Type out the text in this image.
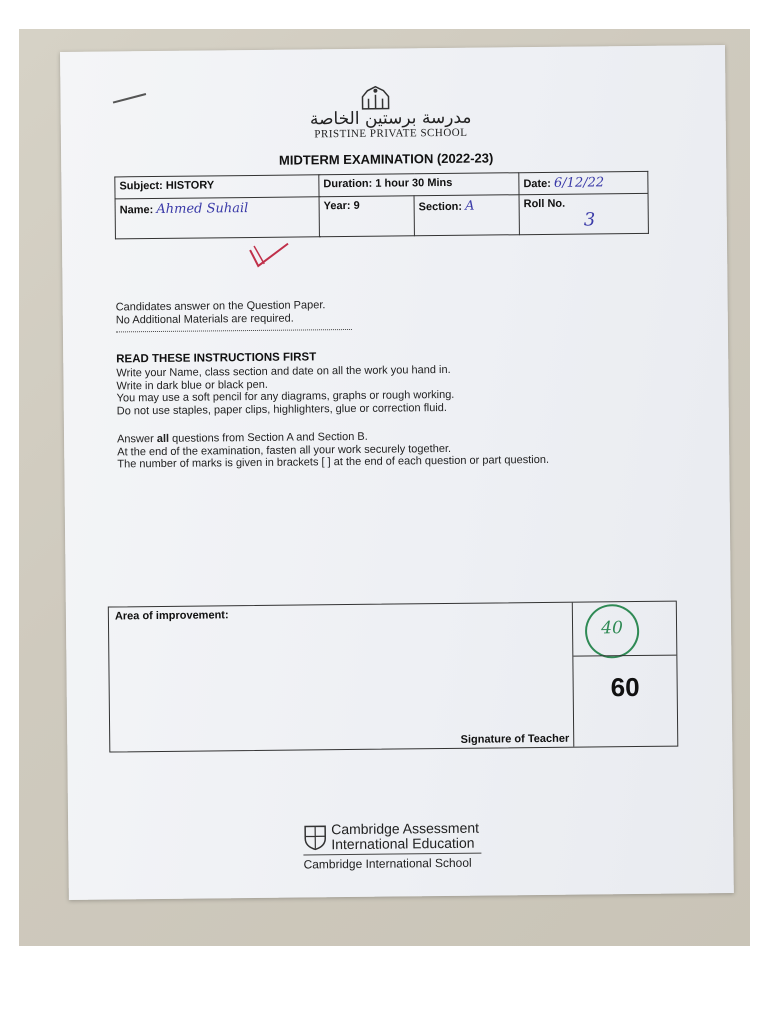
مدرسة برستين الخاصة
PRISTINE PRIVATE SCHOOL
MIDTERM EXAMINATION (2022-23)
Subject: HISTORY	Duration: 1 hour 30 Mins		Date: 6/12/22
Name: Ahmed Suhail	Year: 9	Section: A	Roll No.
3
Candidates answer on the Question Paper.
No Additional Materials are required.
READ THESE INSTRUCTIONS FIRST
Write your Name, class section and date on all the work you hand in.
Write in dark blue or black pen.
You may use a soft pencil for any diagrams, graphs or rough working.
Do not use staples, paper clips, highlighters, glue or correction fluid.
Answer all questions from Section A and Section B.
At the end of the examination, fasten all your work securely together.
The number of marks is given in brackets [ ] at the end of each question or part question.
Area of improvement:
Signature of Teacher
40
60
Cambridge Assessment
International Education
Cambridge International School
